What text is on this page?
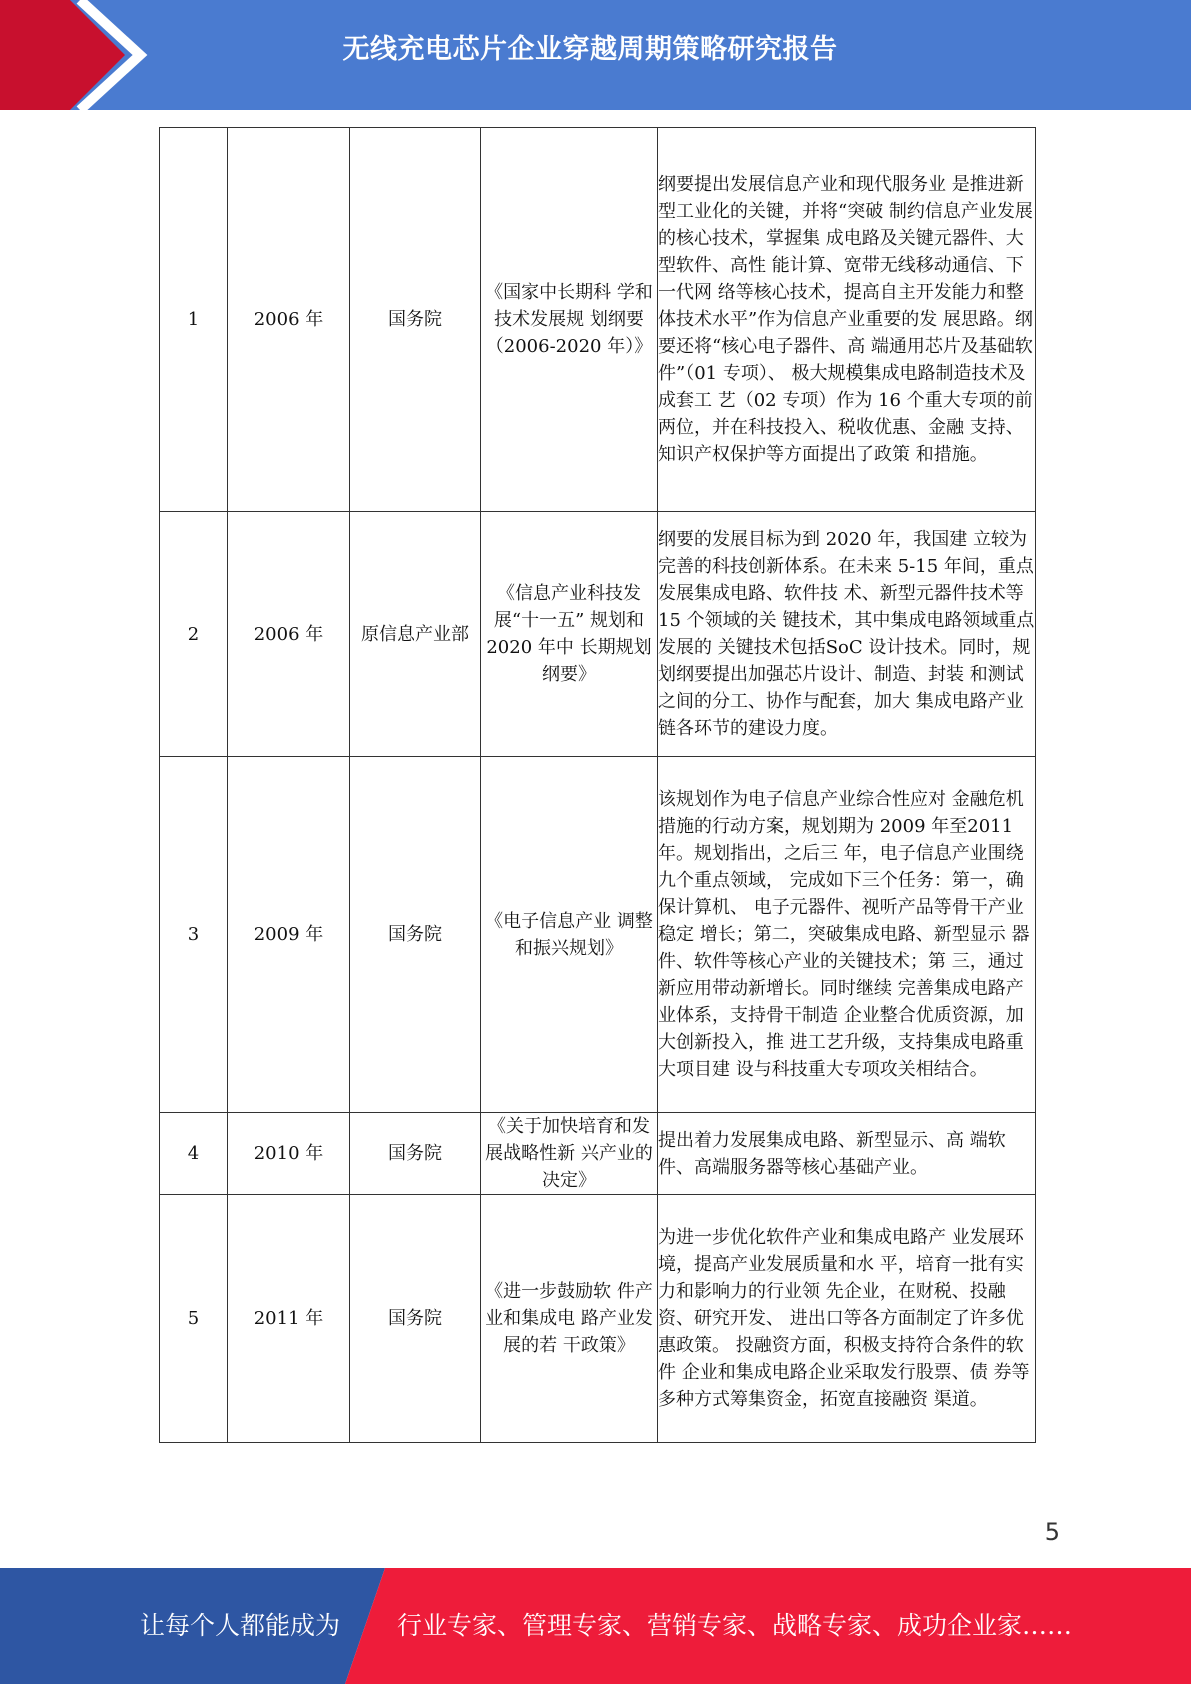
无线充电芯片企业穿越周期策略研究报告
1	2006 年	国务院	《国家中长期科 学和技术发展规 划纲要（2006-2020 年）》	纲要提出发展信息产业和现代服务业 是推进新型工业化的关键，并将“突破 制约信息产业发展的核心技术，掌握集 成电路及关键元器件、大型软件、高性 能计算、宽带无线移动通信、下一代网 络等核心技术，提高自主开发能力和整 体技术水平”作为信息产业重要的发 展思路。纲要还将“核心电子器件、高 端通用芯片及基础软件”（01 专项）、 极大规模集成电路制造技术及成套工 艺（02 专项）作为 16 个重大专项的前 两位，并在科技投入、税收优惠、金融 支持、知识产权保护等方面提出了政策 和措施。
2	2006 年	原信息产业部	《信息产业科技发展“十一五” 规划和 2020 年中 长期规划纲要》	纲要的发展目标为到 2020 年，我国建 立较为完善的科技创新体系。在未来 5-15 年间，重点发展集成电路、软件技 术、新型元器件技术等 15 个领域的关 键技术，其中集成电路领域重点发展的 关键技术包括SoC 设计技术。同时，规 划纲要提出加强芯片设计、制造、封装 和测试之间的分工、协作与配套，加大 集成电路产业链各环节的建设力度。
3	2009 年	国务院	《电子信息产业 调整和振兴规划》	该规划作为电子信息产业综合性应对 金融危机措施的行动方案，规划期为 2009 年至2011 年。规划指出，之后三 年，电子信息产业围绕九个重点领域， 完成如下三个任务：第一，确保计算机、 电子元器件、视听产品等骨干产业稳定 增长；第二，突破集成电路、新型显示 器件、软件等核心产业的关键技术；第 三，通过新应用带动新增长。同时继续 完善集成电路产业体系，支持骨干制造 企业整合优质资源，加大创新投入，推 进工艺升级，支持集成电路重大项目建 设与科技重大专项攻关相结合。
4	2010 年	国务院	《关于加快培育和发展战略性新 兴产业的决定》	提出着力发展集成电路、新型显示、高 端软件、高端服务器等核心基础产业。
5	2011 年	国务院	《进一步鼓励软 件产业和集成电 路产业发展的若 干政策》	为进一步优化软件产业和集成电路产 业发展环境，提高产业发展质量和水 平，培育一批有实力和影响力的行业领 先企业，在财税、投融资、研究开发、 进出口等各方面制定了许多优惠政策。 投融资方面，积极支持符合条件的软件 企业和集成电路企业采取发行股票、债 券等多种方式筹集资金，拓宽直接融资 渠道。
5
让每个人都能成为 行业专家、管理专家、营销专家、战略专家、成功企业家……
